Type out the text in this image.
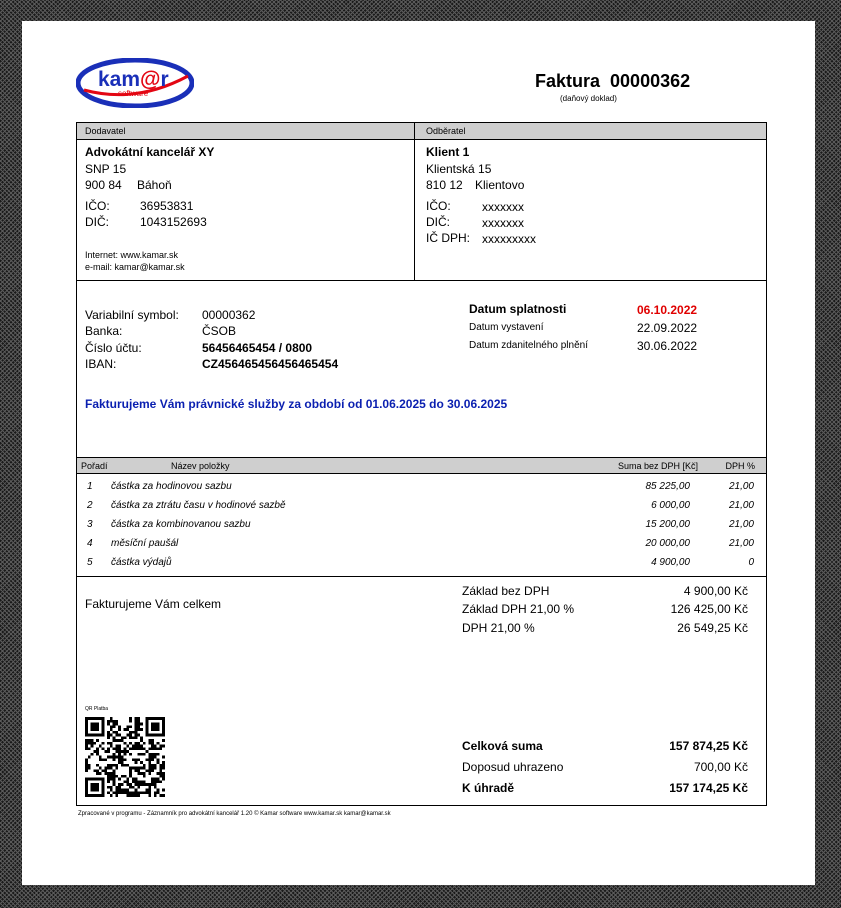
kam@r
software
Faktura 00000362
(daňový doklad)
Dodavatel	Odběratel
Advokátní kancelář XY
SNP 15
900 84 Báhoň
IČO:	36953831
DIČ:	1043152693
Internet: www.kamar.sk
e-mail: kamar@kamar.sk
Klient 1
Klientská 15
810 12 Klientovo
IČO:	xxxxxxx
DIČ:	xxxxxxx
IČ DPH: xxxxxxxxx
Variabilní symbol: 00000362
Banka:	ČSOB
Číslo účtu:	56456465454 / 0800
IBAN:	CZ456465456456465454
Datum splatnosti	06.10.2022
Datum vystavení	22.09.2022
Datum zdanitelného plnění	30.06.2022
Fakturujeme Vám právnické služby za období od 01.06.2025 do 30.06.2025
Pořadí	Název položky	Suma bez DPH [Kč]	DPH %
1 částka za hodinovou sazbu	85 225,00	21,00
2 částka za ztrátu času v hodinové sazbě	6 000,00	21,00
3 částka za kombinovanou sazbu	15 200,00	21,00
4 měsíční paušál	20 000,00	21,00
5 částka výdajů	4 900,00	0
Fakturujeme Vám celkem
Základ bez DPH	4 900,00 Kč
Základ DPH 21,00 %	126 425,00 Kč
DPH 21,00 %	26 549,25 Kč
Celková suma	157 874,25 Kč
Doposud uhrazeno	700,00 Kč
K úhradě	157 174,25 Kč
QR Platba
Zpracované v programu - Záznamník pro advokátní kancelář 1.20 © Kamar software www.kamar.sk kamar@kamar.sk
